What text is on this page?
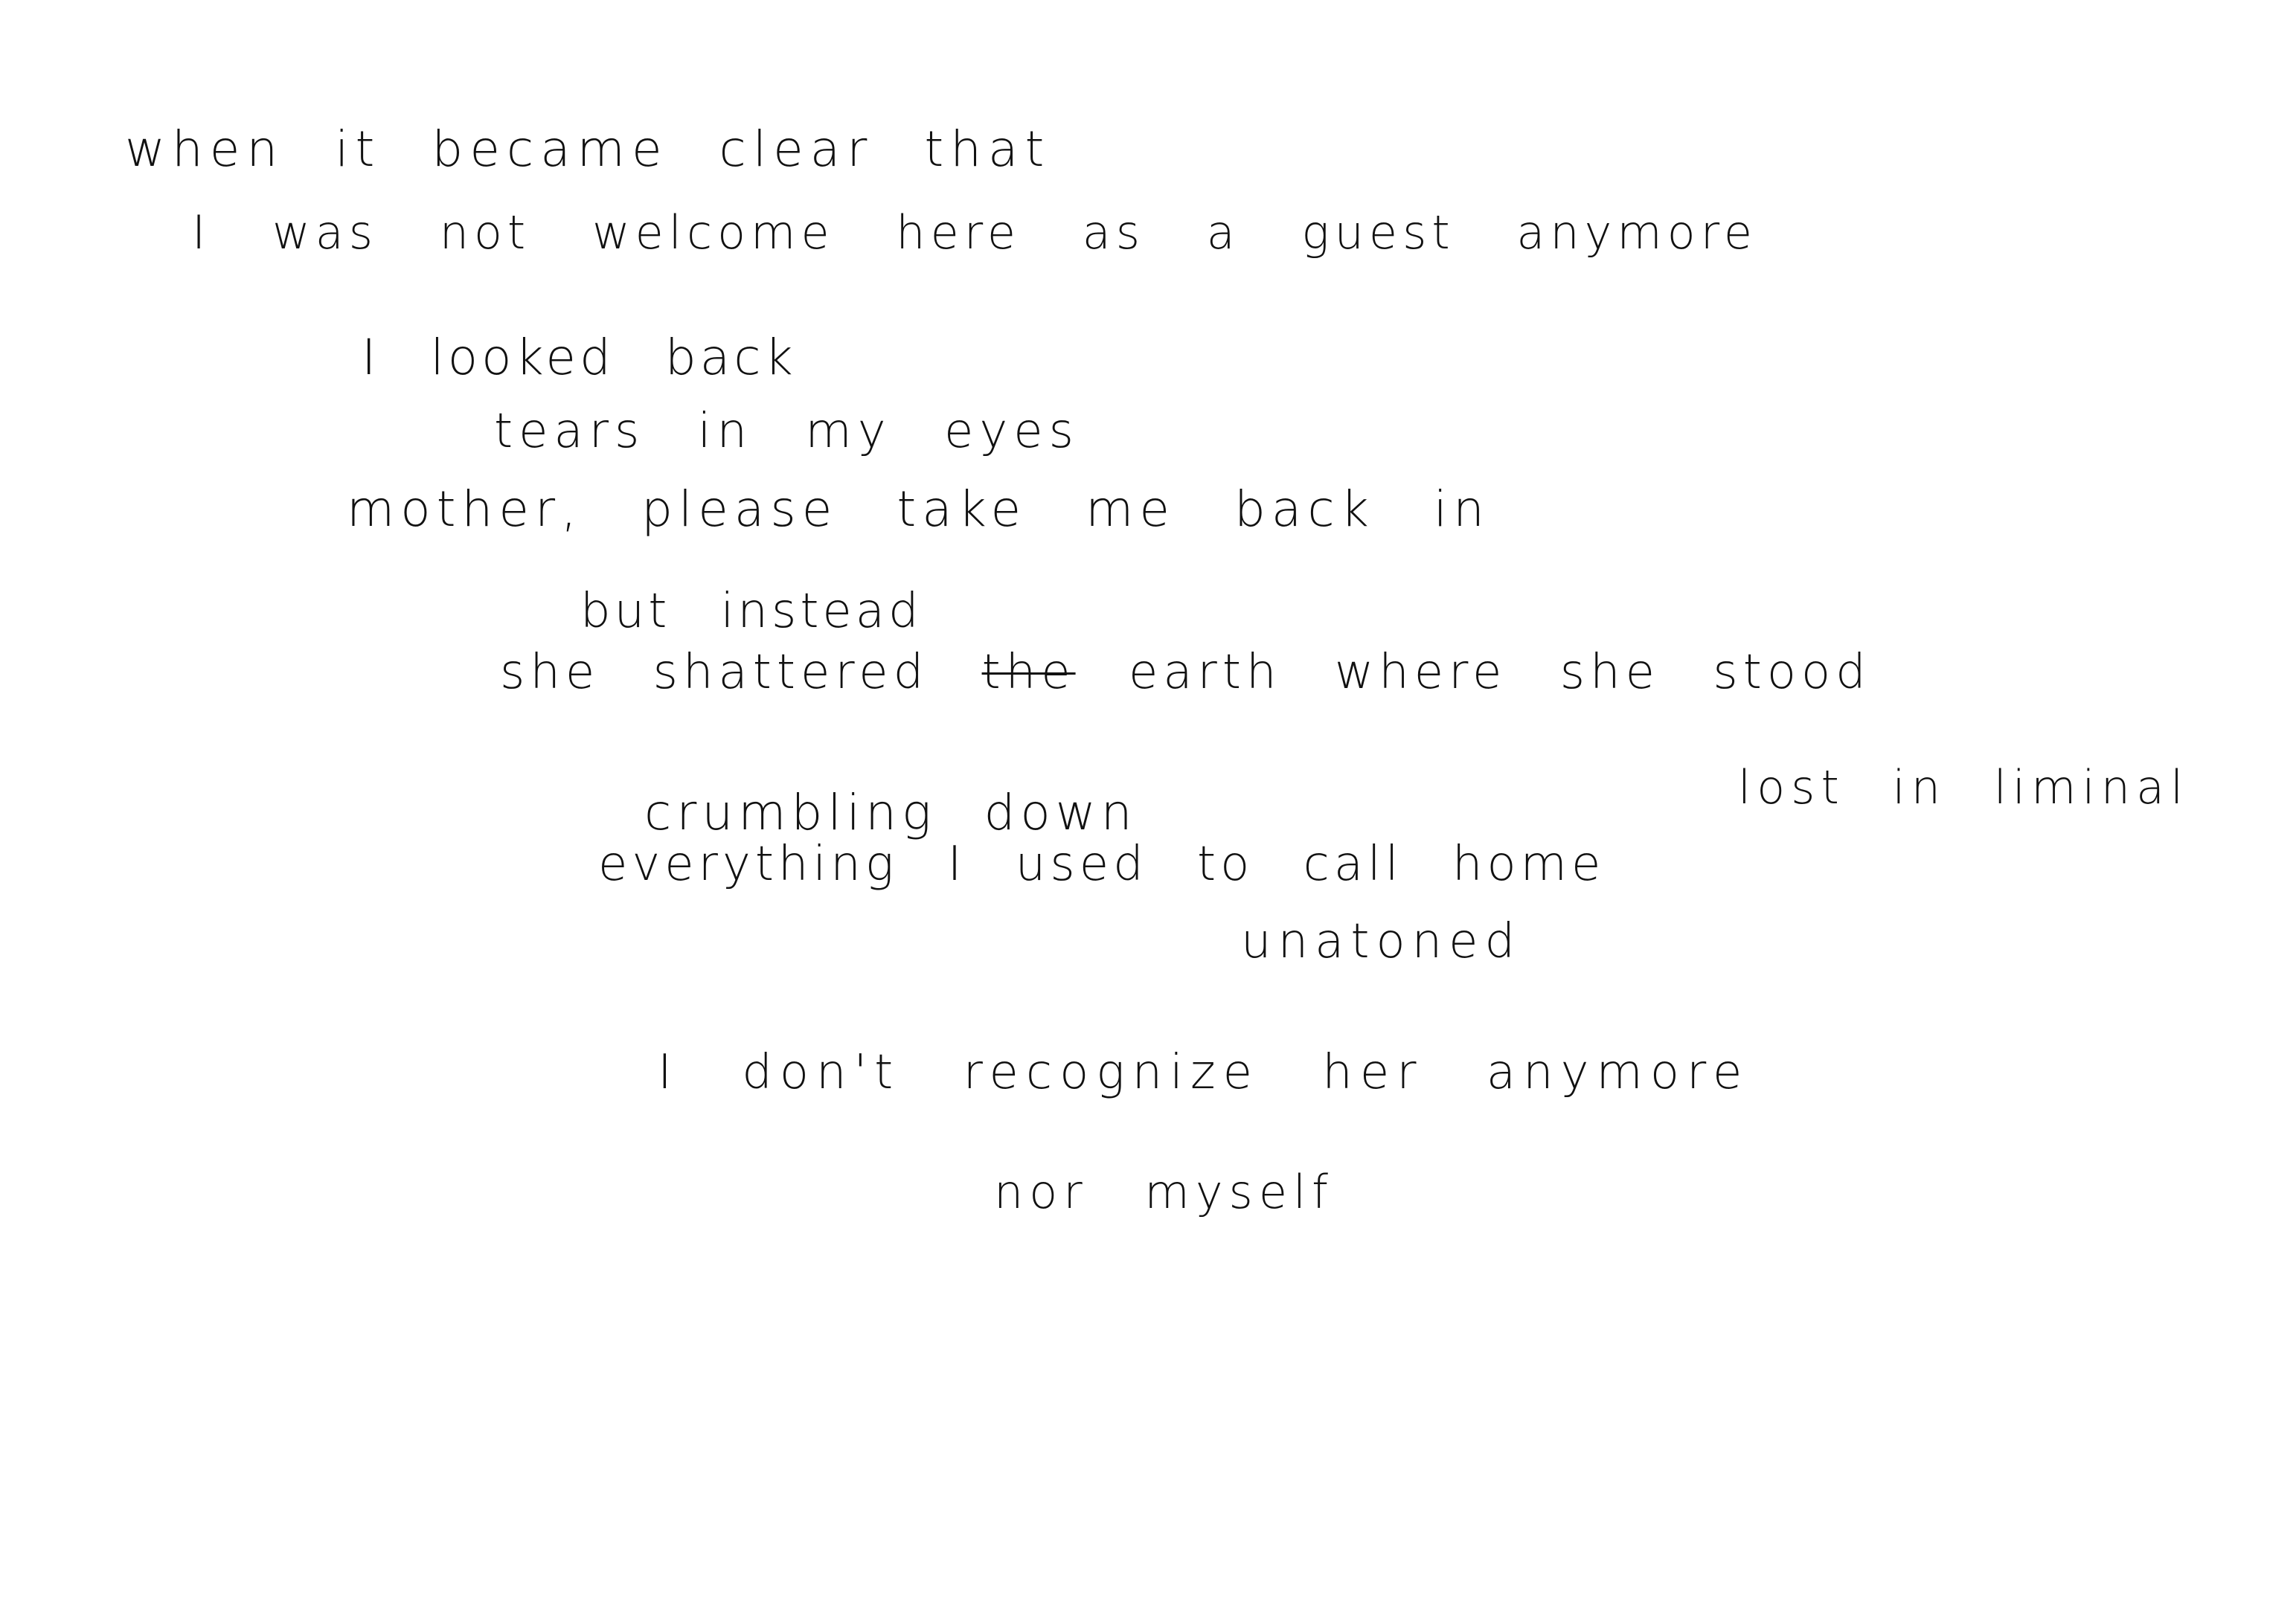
when it became clear that
I was not welcome here as a guest anymore
I looked back
tears in my eyes
mother, please take me back in
but instead
she shattered the earth where she stood
lost in liminal
crumbling down
everything I used to call home
unatoned
I don't recognize her anymore
nor myself
